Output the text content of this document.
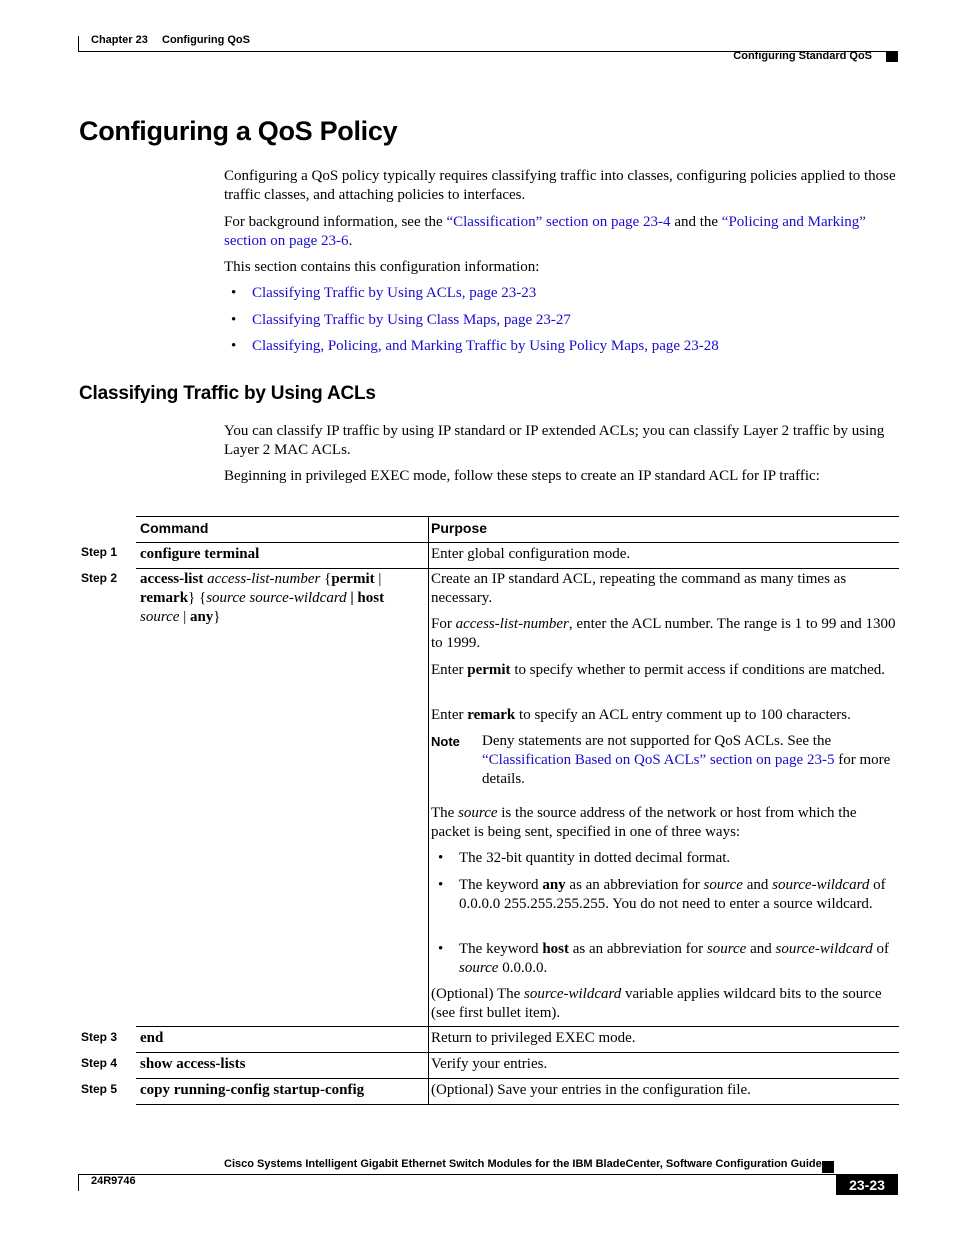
Chapter 23 Configuring QoS
Configuring Standard QoS
Configuring a QoS Policy

Configuring a QoS policy typically requires classifying traffic into classes, configuring policies applied to those traffic classes, and attaching policies to interfaces.

For background information, see the “Classification” section on page 23-4 and the “Policing and Marking” section on page 23-6.

This section contains this configuration information:

• Classifying Traffic by Using ACLs, page 23-23
• Classifying Traffic by Using Class Maps, page 23-27
• Classifying, Policing, and Marking Traffic by Using Policy Maps, page 23-28
Classifying Traffic by Using ACLs

You can classify IP traffic by using IP standard or IP extended ACLs; you can classify Layer 2 traffic by using Layer 2 MAC ACLs.

Beginning in privileged EXEC mode, follow these steps to create an IP standard ACL for IP traffic:

Command	Purpose
Step 1 configure terminal	Enter global configuration mode.
Step 2 access-list access-list-number {permit |
remark} {source source-wildcard | host
source | any}
Create an IP standard ACL, repeating the command as many times as necessary.
For access-list-number, enter the ACL number. The range is 1 to 99 and 1300 to 1999.
Enter permit to specify whether to permit access if conditions are matched.
Enter remark to specify an ACL entry comment up to 100 characters.
Note Deny statements are not supported for QoS ACLs. See the “Classification Based on QoS ACLs” section on page 23-5 for more details.
The source is the source address of the network or host from which the packet is being sent, specified in one of three ways:
• The 32-bit quantity in dotted decimal format.
• The keyword any as an abbreviation for source and source-wildcard of 0.0.0.0 255.255.255.255. You do not need to enter a source wildcard.
• The keyword host as an abbreviation for source and source-wildcard of source 0.0.0.0.
(Optional) The source-wildcard variable applies wildcard bits to the source (see first bullet item).
Step 3 end	Return to privileged EXEC mode.
Step 4 show access-lists	Verify your entries.
Step 5 copy running-config startup-config	(Optional) Save your entries in the configuration file.
Cisco Systems Intelligent Gigabit Ethernet Switch Modules for the IBM BladeCenter, Software Configuration Guide
24R9746	23-23
